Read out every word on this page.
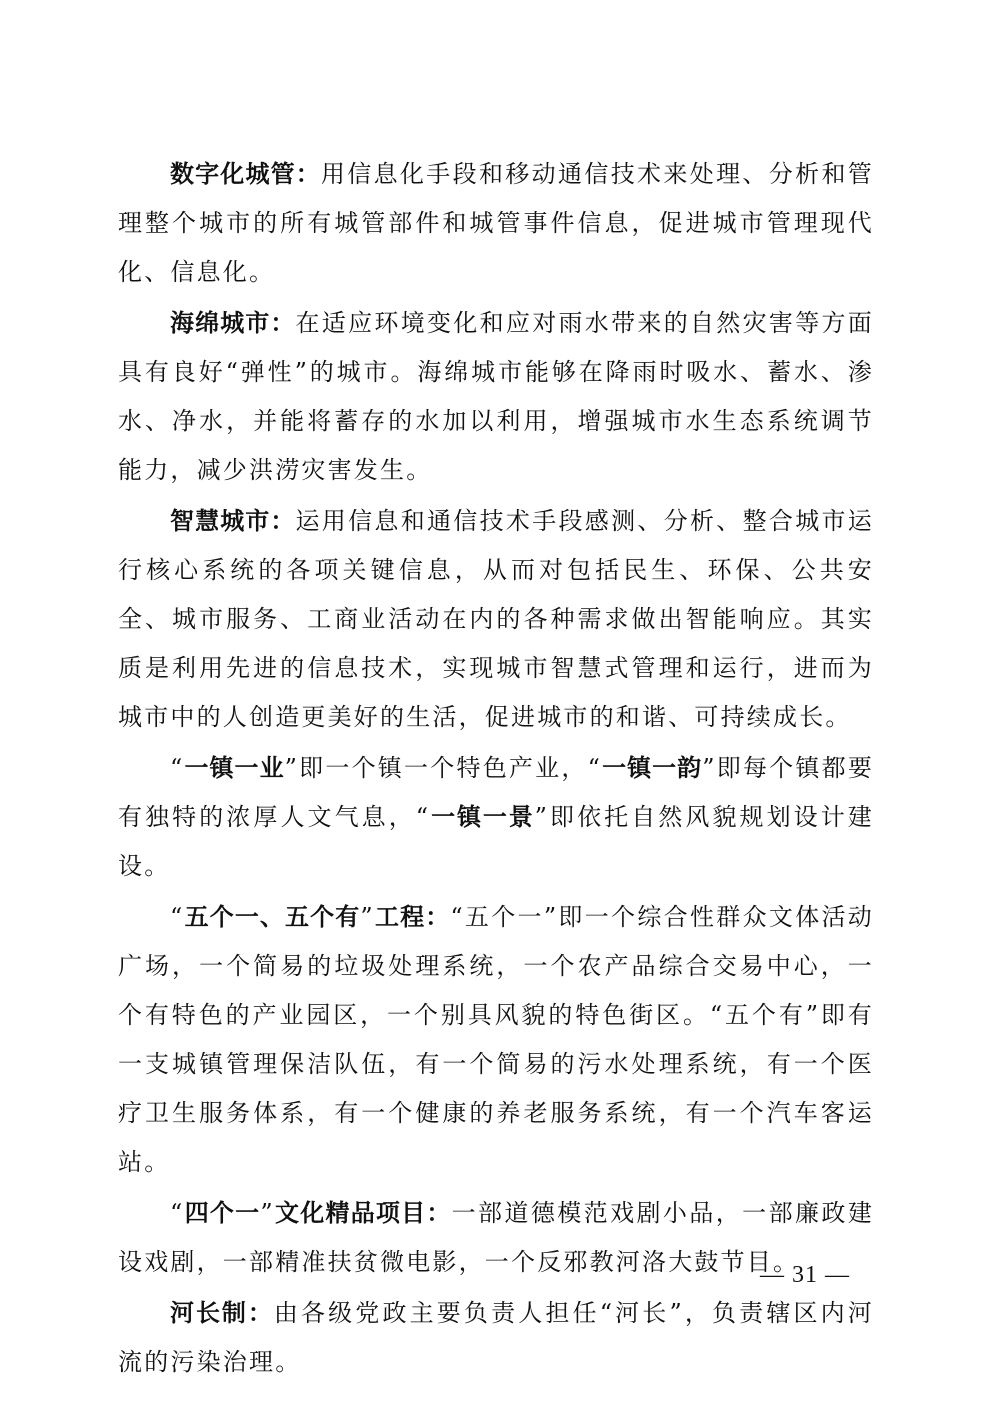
数字化城管：用信息化手段和移动通信技术来处理、分析和管理整个城市的所有城管部件和城管事件信息，促进城市管理现代化、信息化。

海绵城市：在适应环境变化和应对雨水带来的自然灾害等方面具有良好“弹性”的城市。海绵城市能够在降雨时吸水、蓄水、渗水、净水，并能将蓄存的水加以利用，增强城市水生态系统调节能力，减少洪涝灾害发生。

智慧城市：运用信息和通信技术手段感测、分析、整合城市运行核心系统的各项关键信息，从而对包括民生、环保、公共安全、城市服务、工商业活动在内的各种需求做出智能响应。其实质是利用先进的信息技术，实现城市智慧式管理和运行，进而为城市中的人创造更美好的生活，促进城市的和谐、可持续成长。

“一镇一业”即一个镇一个特色产业，“一镇一韵”即每个镇都要有独特的浓厚人文气息，“一镇一景”即依托自然风貌规划设计建设。

“五个一、五个有”工程：“五个一”即一个综合性群众文体活动广场，一个简易的垃圾处理系统，一个农产品综合交易中心，一个有特色的产业园区，一个别具风貌的特色街区。“五个有”即有一支城镇管理保洁队伍，有一个简易的污水处理系统，有一个医疗卫生服务体系，有一个健康的养老服务系统，有一个汽车客运站。

“四个一”文化精品项目：一部道德模范戏剧小品，一部廉政建设戏剧，一部精准扶贫微电影，一个反邪教河洛大鼓节目。

河长制：由各级党政主要负责人担任“河长”，负责辖区内河流的污染治理。

— 31 —
